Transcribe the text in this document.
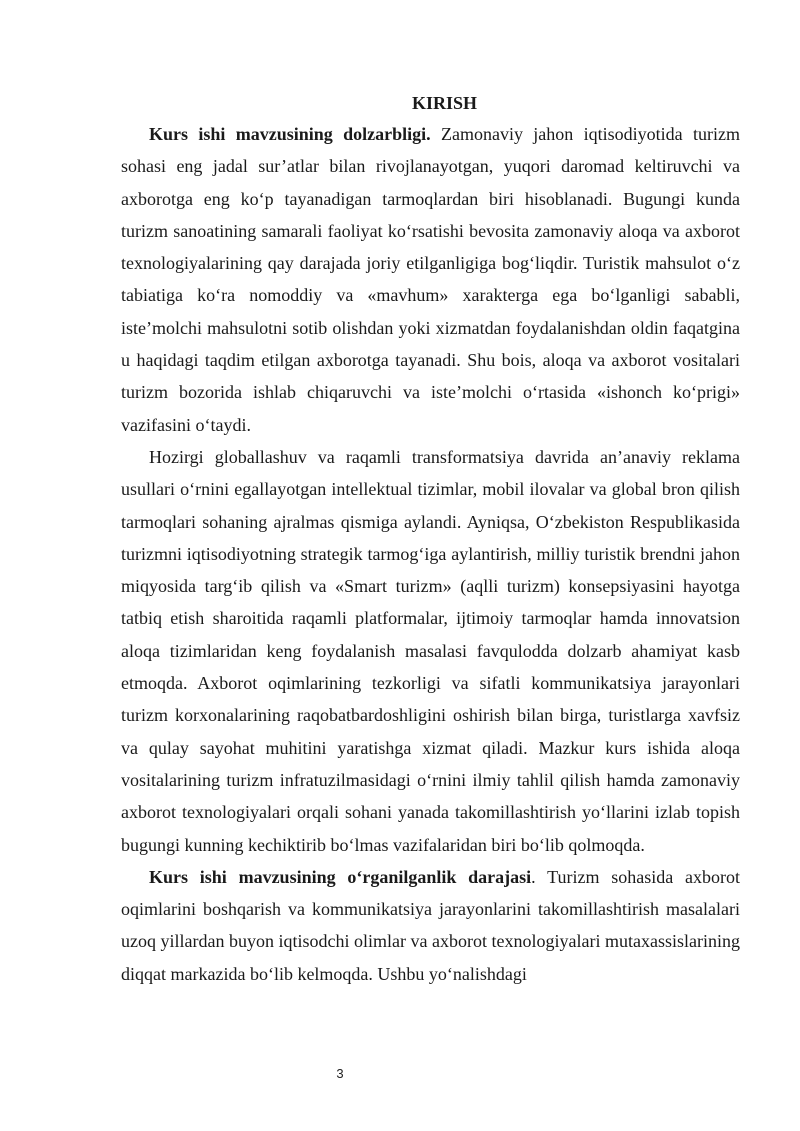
KIRISH

Kurs ishi mavzusining dolzarbligi. Zamonaviy jahon iqtisodiyotida turizm sohasi eng jadal sur’atlar bilan rivojlanayotgan, yuqori daromad keltiruvchi va axborotga eng ko‘p tayanadigan tarmoqlardan biri hisoblanadi. Bugungi kunda turizm sanoatining samarali faoliyat ko‘rsatishi bevosita zamonaviy aloqa va axborot texnologiyalarining qay darajada joriy etilganligiga bog‘liqdir. Turistik mahsulot o‘z tabiatiga ko‘ra nomoddiy va «mavhum» xarakterga ega bo‘lganligi sababli, iste’molchi mahsulotni sotib olishdan yoki xizmatdan foydalanishdan oldin faqatgina u haqidagi taqdim etilgan axborotga tayanadi. Shu bois, aloqa va axborot vositalari turizm bozorida ishlab chiqaruvchi va iste’molchi o‘rtasida «ishonch ko‘prigi» vazifasini o‘taydi.

Hozirgi globallashuv va raqamli transformatsiya davrida an’anaviy reklama usullari o‘rnini egallayotgan intellektual tizimlar, mobil ilovalar va global bron qilish tarmoqlari sohaning ajralmas qismiga aylandi. Ayniqsa, O‘zbekiston Respublikasida turizmni iqtisodiyotning strategik tarmog‘iga aylantirish, milliy turistik brendni jahon miqyosida targ‘ib qilish va «Smart turizm» (aqlli turizm) konsepsiyasini hayotga tatbiq etish sharoitida raqamli platformalar, ijtimoiy tarmoqlar hamda innovatsion aloqa tizimlaridan keng foydalanish masalasi favqulodda dolzarb ahamiyat kasb etmoqda. Axborot oqimlarining tezkorligi va sifatli kommunikatsiya jarayonlari turizm korxonalarining raqobatbardoshligini oshirish bilan birga, turistlarga xavfsiz va qulay sayohat muhitini yaratishga xizmat qiladi. Mazkur kurs ishida aloqa vositalarining turizm infratuzilmasidagi o‘rnini ilmiy tahlil qilish hamda zamonaviy axborot texnologiyalari orqali sohani yanada takomillashtirish yo‘llarini izlab topish bugungi kunning kechiktirib bo‘lmas vazifalaridan biri bo‘lib qolmoqda.

Kurs ishi mavzusining o‘rganilganlik darajasi. Turizm sohasida axborot oqimlarini boshqarish va kommunikatsiya jarayonlarini takomillashtirish masalalari uzoq yillardan buyon iqtisodchi olimlar va axborot texnologiyalari mutaxassislarining diqqat markazida bo‘lib kelmoqda. Ushbu yo‘nalishdagi

3
